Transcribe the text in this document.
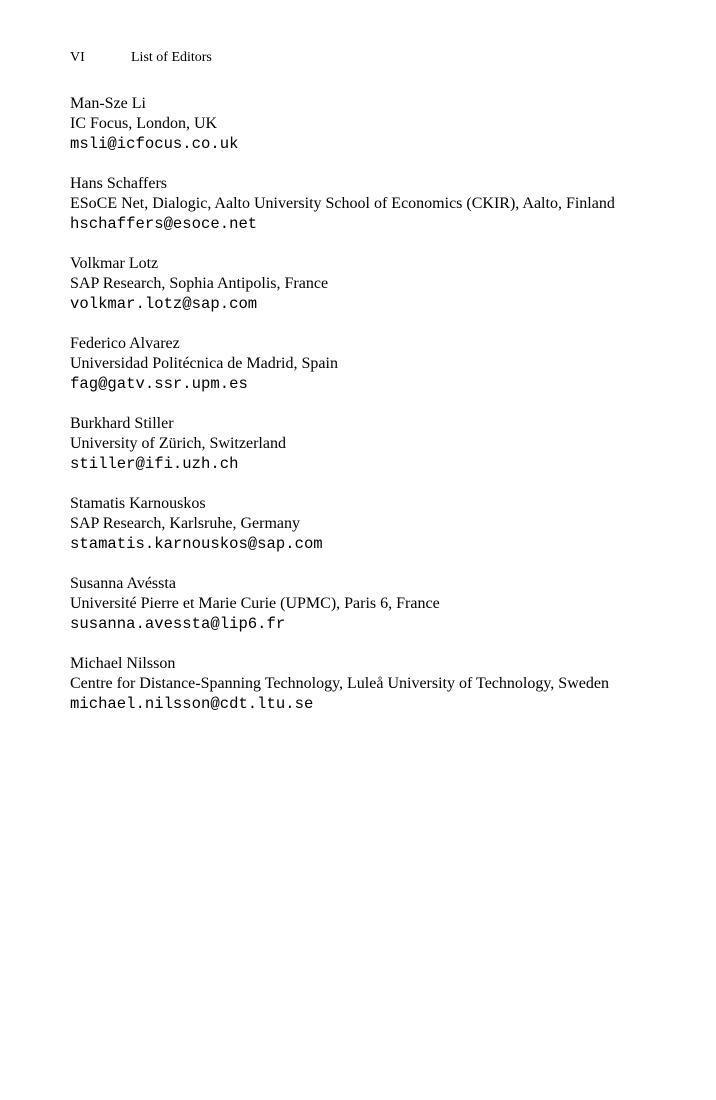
VI	List of Editors
Man-Sze Li
IC Focus, London, UK
msli@icfocus.co.uk
Hans Schaffers
ESoCE Net, Dialogic, Aalto University School of Economics (CKIR), Aalto, Finland
hschaffers@esoce.net
Volkmar Lotz
SAP Research, Sophia Antipolis, France
volkmar.lotz@sap.com
Federico Alvarez
Universidad Politécnica de Madrid, Spain
fag@gatv.ssr.upm.es
Burkhard Stiller
University of Zürich, Switzerland
stiller@ifi.uzh.ch
Stamatis Karnouskos
SAP Research, Karlsruhe, Germany
stamatis.karnouskos@sap.com
Susanna Avéssta
Université Pierre et Marie Curie (UPMC), Paris 6, France
susanna.avessta@lip6.fr
Michael Nilsson
Centre for Distance-Spanning Technology, Luleå University of Technology, Sweden
michael.nilsson@cdt.ltu.se
